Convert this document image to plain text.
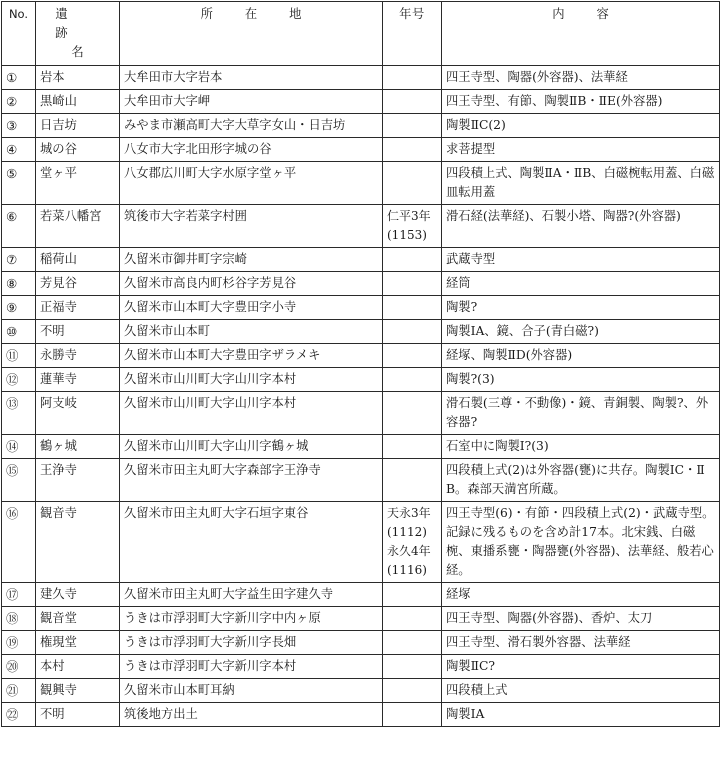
No.	遺跡名	所在地	年号	内容
①	岩本	大牟田市大字岩本		四王寺型、陶器(外容器)、法華経
②	黒崎山	大牟田市大字岬		四王寺型、有節、陶製ⅡB・ⅡE(外容器)
③	日吉坊	みやま市瀬高町大字大草字女山・日吉坊		陶製ⅡC(2)
④	城の谷	八女市大字北田形字城の谷		求菩提型
⑤	堂ヶ平	八女郡広川町大字水原字堂ヶ平		四段積上式、陶製ⅡA・ⅡB、白磁椀転用蓋、白磁皿転用蓋
⑥	若菜八幡宮	筑後市大字若菜字村囲	仁平3年(1153)	滑石経(法華経)、石製小塔、陶器?(外容器)
⑦	稲荷山	久留米市御井町字宗崎		武蔵寺型
⑧	芳見谷	久留米市高良内町杉谷字芳見谷		経筒
⑨	正福寺	久留米市山本町大字豊田字小寺		陶製?
⑩	不明	久留米市山本町		陶製ⅠA、鏡、合子(青白磁?)
⑪	永勝寺	久留米市山本町大字豊田字ザラメキ		経塚、陶製ⅡD(外容器)
⑫	蓮華寺	久留米市山川町大字山川字本村		陶製?(3)
⑬	阿支岐	久留米市山川町大字山川字本村		滑石製(三尊・不動像)・鏡、青銅製、陶製?、外容器?
⑭	鶴ヶ城	久留米市山川町大字山川字鶴ヶ城		石室中に陶製Ⅰ?(3)
⑮	王浄寺	久留米市田主丸町大字森部字王浄寺		四段積上式(2)は外容器(甕)に共存。陶製ⅠC・ⅡB。森部天満宮所蔵。
⑯	観音寺	久留米市田主丸町大字石垣字東谷	天永3年(1112)永久4年(1116)	四王寺型(6)・有節・四段積上式(2)・武蔵寺型。記録に残るものを含め計17本。北宋銭、白磁椀、東播系甕・陶器甕(外容器)、法華経、般若心経。
⑰	建久寺	久留米市田主丸町大字益生田字建久寺		経塚
⑱	観音堂	うきは市浮羽町大字新川字中内ヶ原		四王寺型、陶器(外容器)、香炉、太刀
⑲	権現堂	うきは市浮羽町大字新川字長畑		四王寺型、滑石製外容器、法華経
⑳	本村	うきは市浮羽町大字新川字本村		陶製ⅡC?
㉑	観興寺	久留米市山本町耳納		四段積上式
㉒	不明	筑後地方出土		陶製ⅠA
